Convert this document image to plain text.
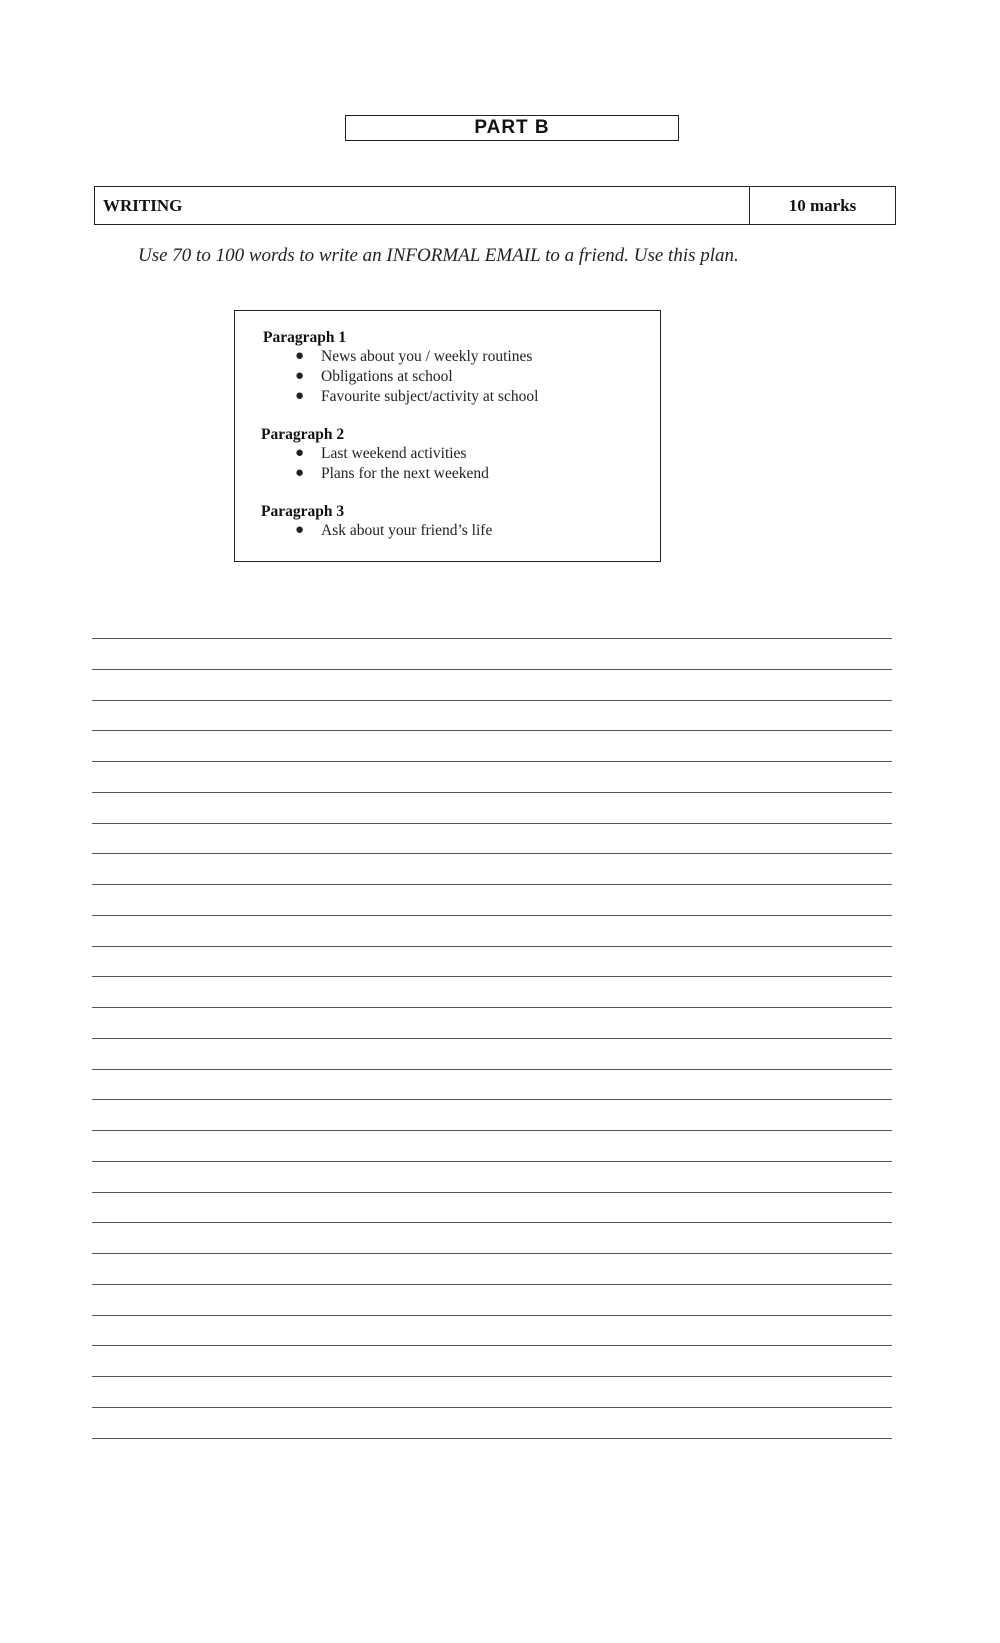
PART B
WRITING	10 marks
Use 70 to 100 words to write an INFORMAL EMAIL to a friend. Use this plan.
Paragraph 1
● News about you / weekly routines
● Obligations at school
● Favourite subject/activity at school
Paragraph 2
● Last weekend activities
● Plans for the next weekend
Paragraph 3
● Ask about your friend’s life
